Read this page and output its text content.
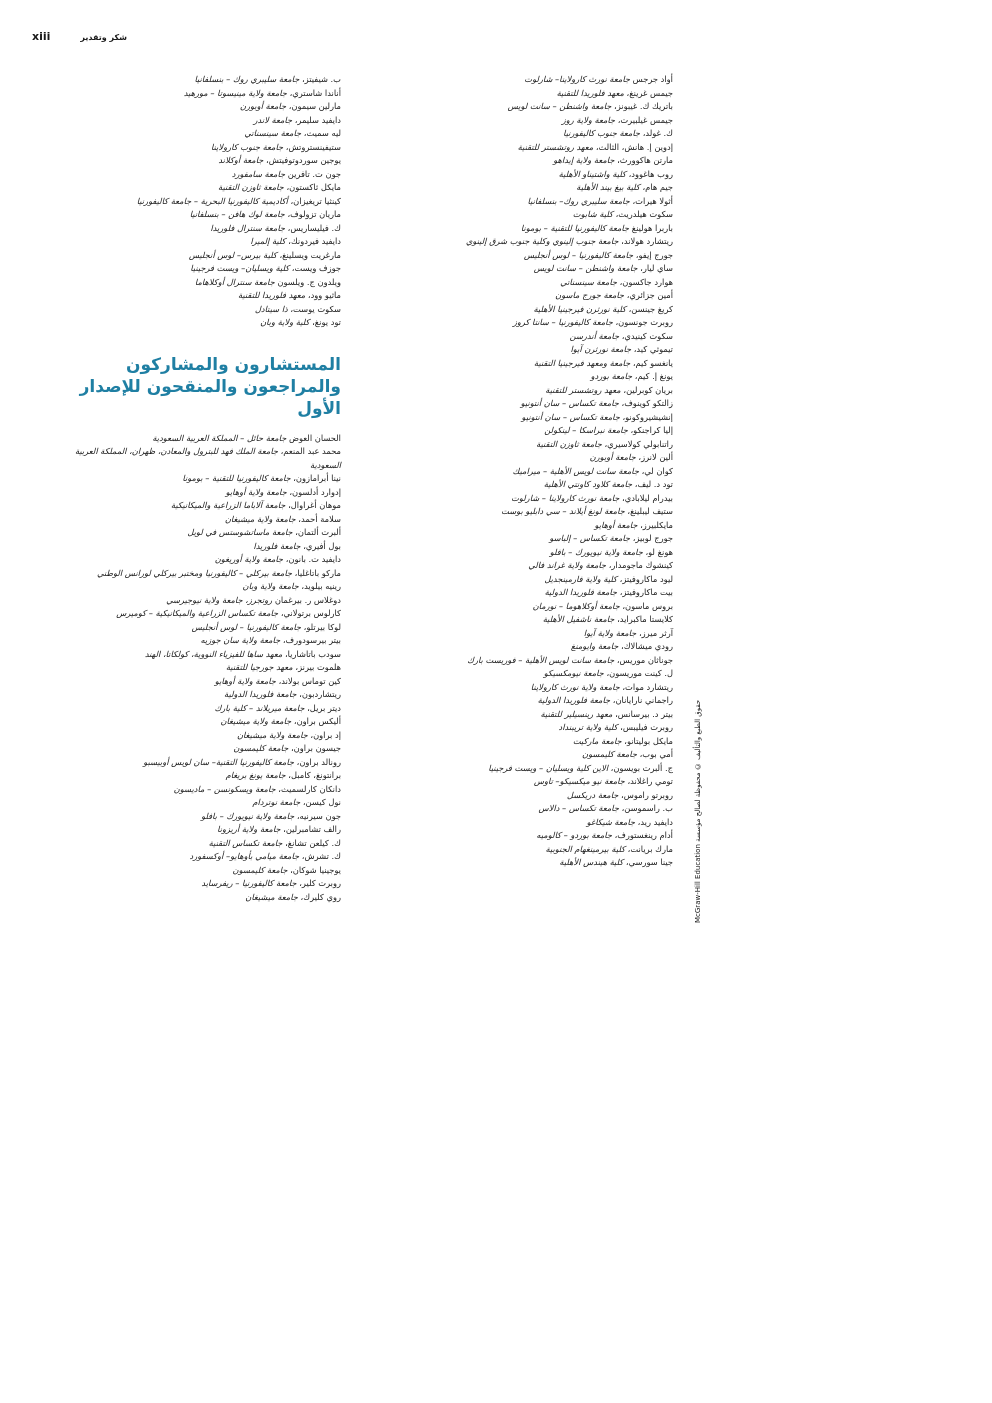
xiii	شكر وتقدير

أواد جرجس جامعة نورث كارولاينا– شارلوت

جيمس غرينغ، معهد فلوريدا للتقنية

باتريك ك. غيبونز، جامعة واشنطن – سانت لويس

جيمس غيلبيرت، جامعة ولاية روز

ك. غولد، جامعة جنوب كاليفورنيا

إدوين إ. هانش، الثالث، معهد روتشستر للتقنية

مارتن هاكوورث، جامعة ولاية إيداهو

روب هاغوود، كلية واشتيناو الأهلية

جيم هام، كلية بيغ بيند الأهلية

أثولا هيرات، جامعة سليبري روك– بنسلفانيا

سكوت هيلدريث، كلية شابوت

باربرا هولينغ جامعة كاليفورنيا للتقنية – بومونا

ريتشارد هولاند، جامعة جنوب إلينوي وكلية جنوب شرق إلينوي

جورج إيفو، جامعة كاليفورنيا – لوس أنجليس

ساي ليار، جامعة واشنطن – سانت لويس

هوارد جاكسون، جامعة سينسناتي

أمين جزائري، جامعة جورج ماسون

كريغ جينسن، كلية نورثرن فيرجينيا الأهلية

روبرت جونسون، جامعة كاليفورنيا – سانتا كروز

سكوت كينيدي، جامعة أندرسن

تيموثي كيد، جامعة نورثرن آيوا

يانغسو كيم، جامعة ومعهد فيرجينيا التقنية

يونغ إ. كيم، جامعة بوردو

بريان كوبرلين، معهد روتشستر للتقنية

زالتكو كوينوف، جامعة تكساس – سان أنتونيو

إنشيشيروكونو، جامعة تكساس – سان أنتونيو

إليا كراجنكو، جامعة نبراسكا – لينكولن

راتنابولي كولاسيري، جامعة ثاوزن التقنية

ألين لانرز، جامعة أوبورن

كوان لي، جامعة سانت لويس الأهلية – ميراميك

تود د. ليف، جامعة كلاود كاونتي الأهلية

بيدرام ليلابادي، جامعة نورث كارولاينا – شارلوت

ستيف ليبلينغ، جامعة لونغ أيلاند – سي دابليو بوست

مايكلبيرز، جامعة أوهايو

جورج لوبيز، جامعة تكساس – إلباسو

هونغ لو، جامعة ولاية نيويورك – بافلو

كينشوك ماجومدار، جامعة ولاية غراند فالي

ليود ماكاروفيتز، كلية ولاية فارمينجديل

بيت ماكاروفيتز، جامعة فلوريدا الدولية

بروس ماسون، جامعة أوكلاهوما – نورمان

كلايستا ماكبرايد، جامعة ناشفيل الأهلية

آرثر ميرز، جامعة ولاية آيوا

رودي ميشالاك، جامعة وايومنغ

جوناثان موريس، جامعة سانت لويس الأهلية – فوريست بارك

ل. كينت موريسون، جامعة نيومكسيكو

ريتشارد موات، جامعة ولاية نورث كارولاينا

راجماني نارايانان، جامعة فلوريدا الدولية

بيتر د. بيرسانس، معهد رينسيلير للتقنية

روبرت فيليبس، كلية ولاية تريبنداد

مايكل بوليتانو، جامعة ماركيت

أمي بوب، جامعة كليمسون

ج. ألبرت بويسون، الاين كلية ويسليان – ويست فرجينيا

تومي راغلاند، جامعة نيو ميكسيكو– تاوس

روبرتو راموس، جامعة دريكسل

ب. راسموسن، جامعة تكساس – دالاس

دايفيد ريد، جامعة شيكاغو

أدام رينغستورف، جامعة بوردو – كالوميه

مارك بريانت، كلية بيرمينغهام الجنوبية

جينا سورسي، كلية هيندس الأهلية

ب. شيفيتز، جامعة سليبري روك – بنسلفانيا

أناندا شاستري، جامعة ولاية مينيسوتا – مورهيد

مارلين سيمون، جامعة أوبورن

دايفيد سليمر، جامعة لاندر

ليه سميث، جامعة سينسناتي

ستيفينستروتش، جامعة جنوب كارولاينا

يوجين سوردوتوفيتش، جامعة أوكلاند

جون ت. تافرين جامعة سامفورد

مايكل ثاكستون، جامعة ثاوزن التقنية

كينثيا تريغيزان، أكاديمية كاليفورنيا البحرية – جامعة كاليفورنيا

ماريان تزولوف، جامعة لوك هافن – بنسلفانيا

ك. فيليساريس، جامعة سنترال فلوريدا

دايفيد فيردونك، كلية إلميرا

مارغريت ويسلينغ، كلية بيرس– لوس أنجليس

جوزف ويست، كلية ويسليان– ويست فرجينيا

ويلدون ج. ويلسون جامعة سنترال أوكلاهاما

ماثيو وود، معهد فلوريدا للتقنية

سكوت يوست، ذا سيتادل

تود يونغ، كلية ولاية وبان

المستشارون والمشاركون والمراجعون والمنقحون للإصدار الأول

الحسان العوض جامعة حائل – المملكة العربية السعودية

محمد عبد المنعم، جامعة الملك فهد للبترول والمعادن، ظهران، المملكة العربية السعودية

نينا أبرامازون، جامعة كاليفورنيا للتقنية – بومونا

إدوارد أدلسون، جامعة ولاية أوهايو

موهان أغراوال، جامعة آلاباما الزراعية والميكانيكية

سلامة أحمد، جامعة ولاية ميشيغان

ألبرت ألتمان، جامعة ماساتشوستس في لويل

بول أفيري، جامعة فلوريدا

دايفيد ت. بانون، جامعة ولاية أوريغون

ماركو باتاغليا، جامعة بيركلي – كاليفورنيا ومختبر بيركلي لورانس الوطني

رينيه بيلويد، جامعة ولاية وبان

دوغلاس ر. بيرغمان روتجرز، جامعة ولاية نيوجيرسي

كارلوس برتولاني، جامعة تكساس الزراعية والميكانيكية – كوميرس

لوكا بيرتلو، جامعة كاليفورنيا – لوس أنجليس

بيتر بيرسودورف، جامعة ولاية سان جوزيه

سودب باتاشاريا، معهد ساها للفيزياء النووية، كولكاتا، الهند

هلموت بيرنز، معهد جورجيا للتقنية

كين توماس بولاند، جامعة ولاية أوهايو

ريتشاردبون، جامعة فلوريدا الدولية

ديتر بريل، جامعة ميريلاند – كلية بارك

أليكس براون، جامعة ولاية ميشيغان

إد براون، جامعة ولاية ميشيغان

جيسون براون، جامعة كليمسون

رونالد براون، جامعة كاليفورنيا التقنية– سان لويس أوبيسبو

برانتونغ، كامبل، جامعة يونغ بريغام

دانكان كارلسميث، جامعة ويسكونسن – ماديسون

نول كيسن، جامعة نوتردام

جون سيرنيه، جامعة ولاية نيويورك – بافلو

رالف تشامبرلين، جامعة ولاية أريزونا

ك. كيلعن تشانغ، جامعة تكساس التقنية

ك. تشرش، جامعة ميامي بأوهايو– أوكسفورد

يوجينيا شوكان، جامعة كليمسون

روبرت كلير، جامعة كاليفورنيا – ريفرسايد

روي كليرك، جامعة ميشيغان	حقوق الطبع والتأليف © محفوظة لصالح مؤسسة McGraw-Hill Education
